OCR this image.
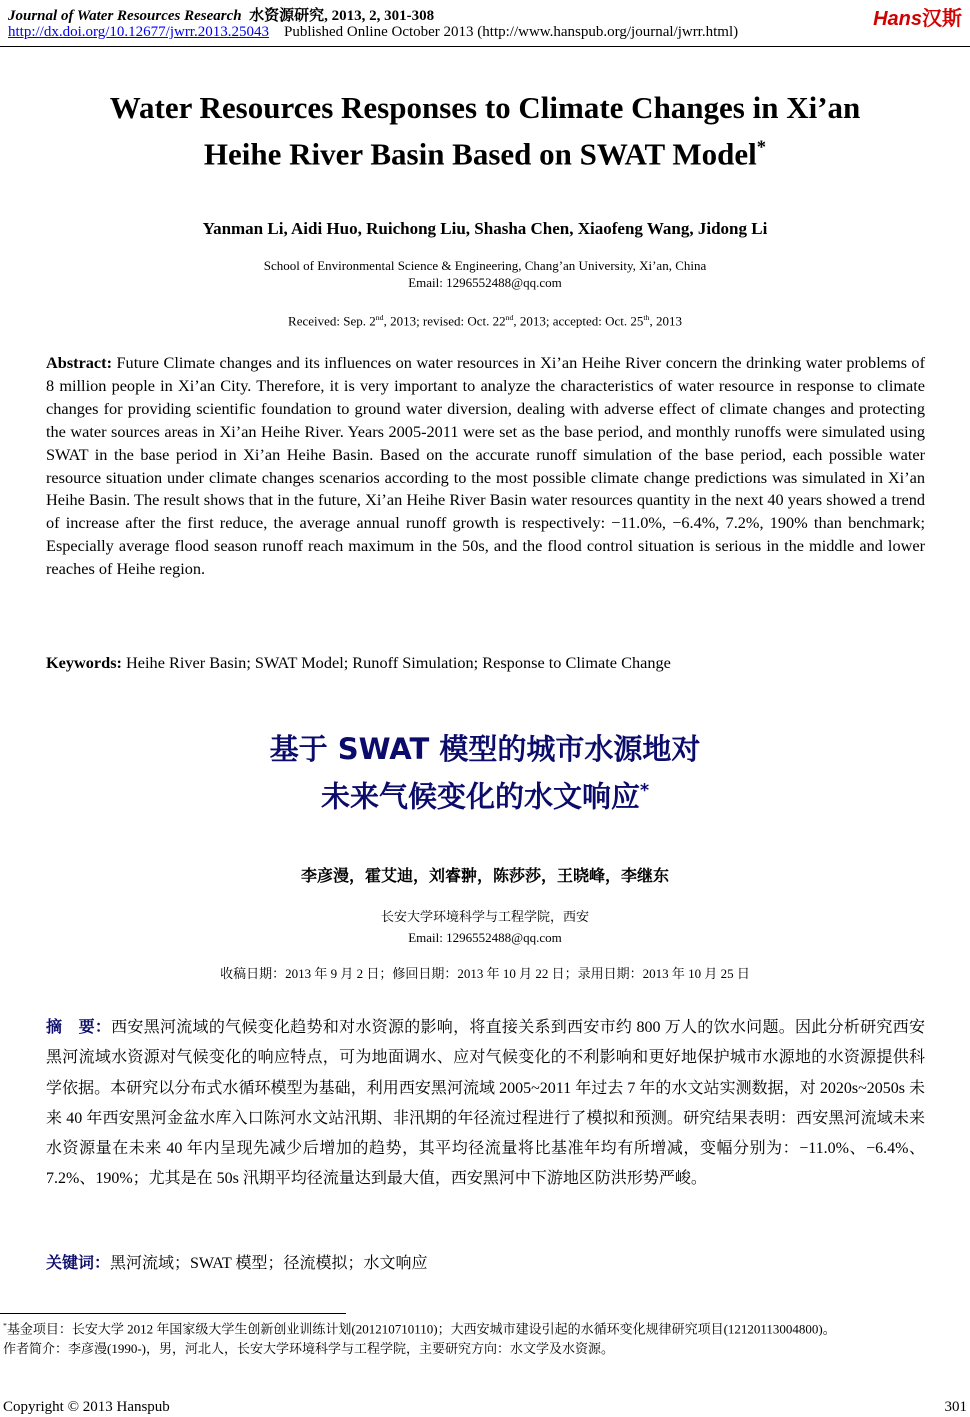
Journal of Water Resources Research 水资源研究, 2013, 2, 301-308
http://dx.doi.org/10.12677/jwrr.2013.25043 Published Online October 2013 (http://www.hanspub.org/journal/jwrr.html)
Hans汉斯
Water Resources Responses to Climate Changes in Xi’an
Heihe River Basin Based on SWAT Model*
Yanman Li, Aidi Huo, Ruichong Liu, Shasha Chen, Xiaofeng Wang, Jidong Li
School of Environmental Science & Engineering, Chang’an University, Xi’an, China
Email: 1296552488@qq.com
Received: Sep. 2nd, 2013; revised: Oct. 22nd, 2013; accepted: Oct. 25th, 2013
Abstract: Future Climate changes and its influences on water resources in Xi’an Heihe River concern the drinking water problems of 8 million people in Xi’an City. Therefore, it is very important to analyze the characteristics of water resource in response to climate changes for providing scientific foundation to ground water diversion, dealing with adverse effect of climate changes and protecting the water sources areas in Xi’an Heihe River. Years 2005-2011 were set as the base period, and monthly runoffs were simulated using SWAT in the base period in Xi’an Heihe Basin. Based on the accurate runoff simulation of the base period, each possible water resource situation under climate changes scenarios according to the most possible climate change predictions was simulated in Xi’an Heihe Basin. The result shows that in the future, Xi’an Heihe River Basin water resources quantity in the next 40 years showed a trend of increase after the first reduce, the average annual runoff growth is respectively: −11.0%, −6.4%, 7.2%, 190% than benchmark; Especially average flood season runoff reach maximum in the 50s, and the flood control situation is serious in the middle and lower reaches of Heihe region.
Keywords: Heihe River Basin; SWAT Model; Runoff Simulation; Response to Climate Change
基于 SWAT 模型的城市水源地对
未来气候变化的水文响应*
李彦漫，霍艾迪，刘睿翀，陈莎莎，王晓峰，李继东
长安大学环境科学与工程学院，西安
Email: 1296552488@qq.com
收稿日期：2013 年 9 月 2 日；修回日期：2013 年 10 月 22 日；录用日期：2013 年 10 月 25 日
摘　要：西安黑河流域的气候变化趋势和对水资源的影响，将直接关系到西安市约 800 万人的饮水问题。因此分析研究西安黑河流域水资源对气候变化的响应特点，可为地面调水、应对气候变化的不利影响和更好地保护城市水源地的水资源提供科学依据。本研究以分布式水循环模型为基础，利用西安黑河流域 2005~2011 年过去 7 年的水文站实测数据，对 2020s~2050s 未来 40 年西安黑河金盆水库入口陈河水文站汛期、非汛期的年径流过程进行了模拟和预测。研究结果表明：西安黑河流域未来水资源量在未来 40 年内呈现先减少后增加的趋势，其平均径流量将比基准年均有所增减，变幅分别为：−11.0%、−6.4%、7.2%、190%；尤其是在 50s 汛期平均径流量达到最大值，西安黑河中下游地区防洪形势严峻。
关键词：黑河流域；SWAT 模型；径流模拟；水文响应
*基金项目：长安大学 2012 年国家级大学生创新创业训练计划(201210710110)；大西安城市建设引起的水循环变化规律研究项目(12120113004800)。
作者简介：李彦漫(1990-)，男，河北人，长安大学环境科学与工程学院，主要研究方向：水文学及水资源。
Copyright © 2013 Hanspub	301
